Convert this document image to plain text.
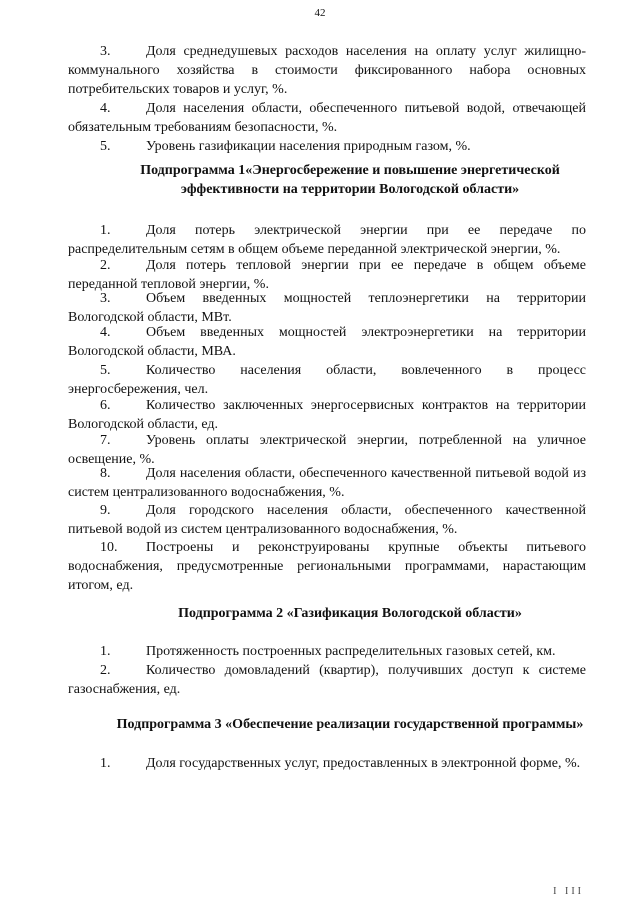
42

3.	Доля среднедушевых расходов населения на оплату услуг жилищно-коммунального хозяйства в стоимости фиксированного набора основных потребительских товаров и услуг, %.

4.	Доля населения области, обеспеченного питьевой водой, отвечающей обязательным требованиям безопасности, %.

5.	Уровень газификации населения природным газом, %.

Подпрограмма 1«Энергосбережение и повышение энергетической эффективности на территории Вологодской области»

1.	Доля потерь электрической энергии при ее передаче по распределительным сетям в общем объеме переданной электрической энергии, %.

2.	Доля потерь тепловой энергии при ее передаче в общем объеме переданной тепловой энергии, %.

3.	Объем введенных мощностей теплоэнергетики на территории Вологодской области, МВт.

4.	Объем введенных мощностей электроэнергетики на территории Вологодской области, МВА.

5.	Количество населения области, вовлеченного в процесс энергосбережения, чел.

6.	Количество заключенных энергосервисных контрактов на территории Вологодской области, ед.

7.	Уровень оплаты электрической энергии, потребленной на уличное освещение, %.

8.	Доля населения области, обеспеченного качественной питьевой водой из систем централизованного водоснабжения, %.

9.	Доля городского населения области, обеспеченного качественной питьевой водой из систем централизованного водоснабжения, %.

10. Построены и реконструированы крупные объекты питьевого водоснабжения, предусмотренные региональными программами, нарастающим итогом, ед.

Подпрограмма 2 «Газификация Вологодской области»

1.	Протяженность построенных распределительных газовых сетей, км.

2.	Количество домовладений (квартир), получивших доступ к системе газоснабжения, ед.

Подпрограмма 3 «Обеспечение реализации государственной программы»

1.	Доля государственных услуг, предоставленных в электронной форме, %.

I III
